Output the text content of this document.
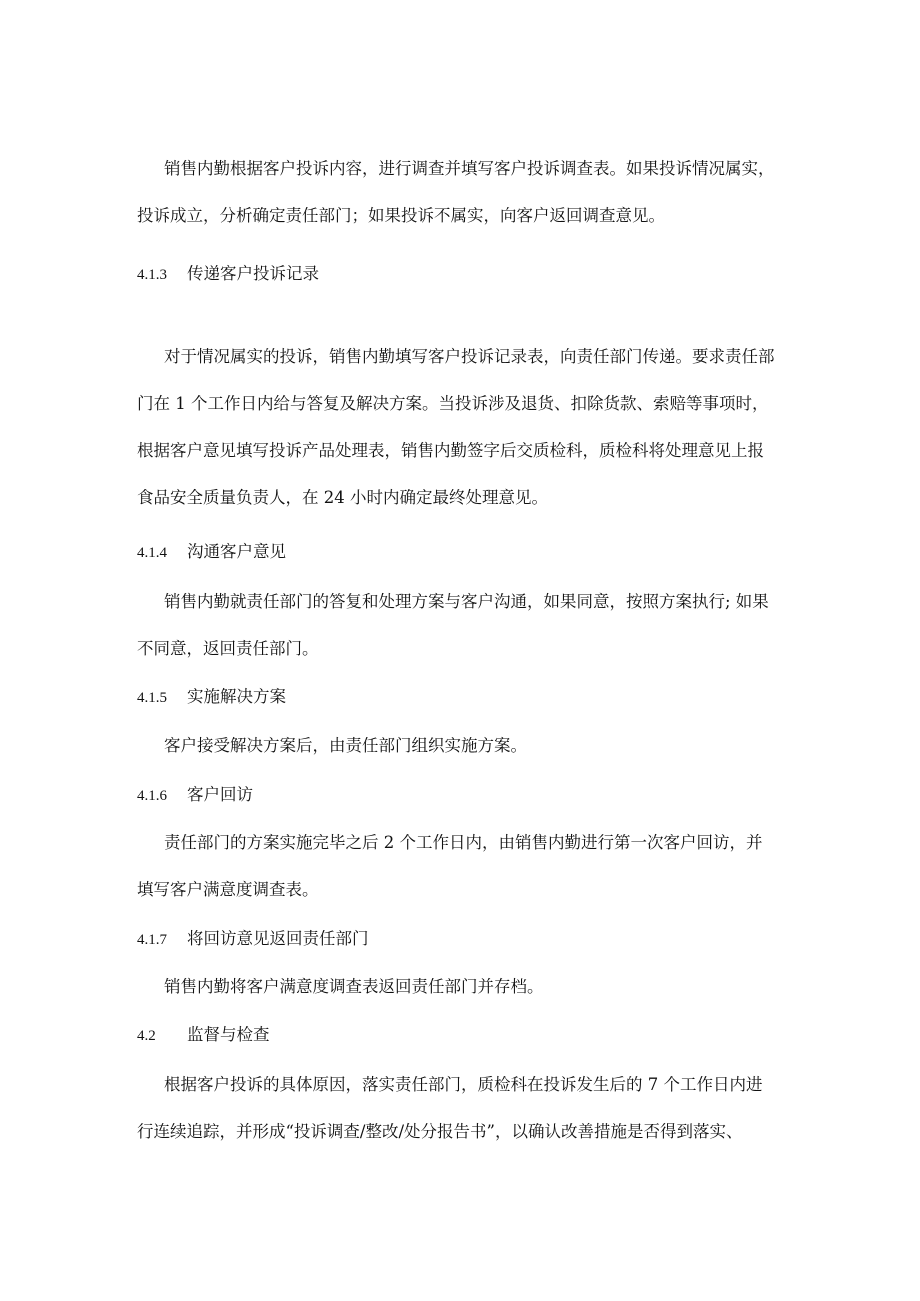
销售内勤根据客户投诉内容，进行调查并填写客户投诉调查表。如果投诉情况属实，
投诉成立，分析确定责任部门；如果投诉不属实，向客户返回调查意见。
4.1.3 传递客户投诉记录
对于情况属实的投诉，销售内勤填写客户投诉记录表，向责任部门传递。要求责任部
门在 1 个工作日内给与答复及解决方案。当投诉涉及退货、扣除货款、索赔等事项时，
根据客户意见填写投诉产品处理表，销售内勤签字后交质检科，质检科将处理意见上报
食品安全质量负责人，在 24 小时内确定最终处理意见。
4.1.4 沟通客户意见
销售内勤就责任部门的答复和处理方案与客户沟通，如果同意，按照方案执行; 如果
不同意，返回责任部门。
4.1.5 实施解决方案
客户接受解决方案后，由责任部门组织实施方案。
4.1.6 客户回访
责任部门的方案实施完毕之后 2 个工作日内，由销售内勤进行第一次客户回访，并
填写客户满意度调查表。
4.1.7 将回访意见返回责任部门
销售内勤将客户满意度调查表返回责任部门并存档。
4.2 监督与检查
根据客户投诉的具体原因，落实责任部门，质检科在投诉发生后的 7 个工作日内进
行连续追踪，并形成“投诉调查/整改/处分报告书”，以确认改善措施是否得到落实、
